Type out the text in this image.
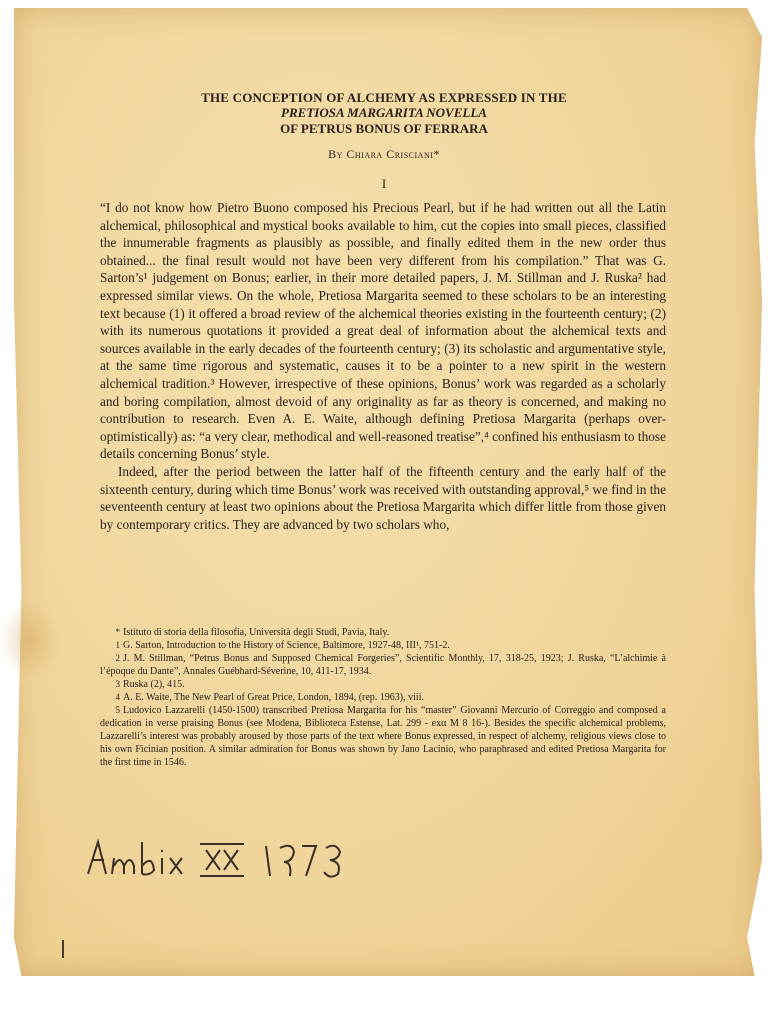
THE CONCEPTION OF ALCHEMY AS EXPRESSED IN THE
PRETIOSA MARGARITA NOVELLA
OF PETRUS BONUS OF FERRARA
By Chiara Crisciani*
I

“I do not know how Pietro Buono composed his Precious Pearl, but if he had written out all the Latin alchemical, philosophical and mystical books available to him, cut the copies into small pieces, classified the innumerable fragments as plausibly as possible, and finally edited them in the new order thus obtained... the final result would not have been very different from his compilation.” That was G. Sarton’s¹ judgement on Bonus; earlier, in their more detailed papers, J. M. Stillman and J. Ruska² had expressed similar views. On the whole, Pretiosa Margarita seemed to these scholars to be an interesting text because (1) it offered a broad review of the alchemical theories existing in the fourteenth century; (2) with its numerous quotations it provided a great deal of information about the alchemical texts and sources available in the early decades of the fourteenth century; (3) its scholastic and argumentative style, at the same time rigorous and systematic, causes it to be a pointer to a new spirit in the western alchemical tradition.³ However, irrespective of these opinions, Bonus’ work was regarded as a scholarly and boring compilation, almost devoid of any originality as far as theory is concerned, and making no contribution to research. Even A. E. Waite, although defining Pretiosa Margarita (perhaps over-optimistically) as: “a very clear, methodical and well-reasoned treatise”,⁴ confined his enthusiasm to those details concerning Bonus’ style.

Indeed, after the period between the latter half of the fifteenth century and the early half of the sixteenth century, during which time Bonus’ work was received with outstanding approval,⁵ we find in the seventeenth century at least two opinions about the Pretiosa Margarita which differ little from those given by contemporary critics. They are advanced by two scholars who,

* Istituto di storia della filosofia, Università degli Studi, Pavia, Italy.
1 G. Sarton, Introduction to the History of Science, Baltimore, 1927-48, III¹, 751-2.
2 J. M. Stillman, “Petrus Bonus and Supposed Chemical Forgeries”, Scientific Monthly, 17, 318-25, 1923; J. Ruska, “L’alchimie à l’époque du Dante”, Annales Guébhard-Séverine, 10, 411-17, 1934.
3 Ruska (2), 415.
4 A. E. Waite, The New Pearl of Great Price, London, 1894, (rep. 1963), viii.
5 Ludovico Lazzarelli (1450-1500) transcribed Pretiosa Margarita for his “master” Giovanni Mercurio of Correggio and composed a dedication in verse praising Bonus (see Modena, Biblioteca Estense, Lat. 299 - exα M 8 16-). Besides the specific alchemical problems, Lazzarelli’s interest was probably aroused by those parts of the text where Bonus expressed, in respect of alchemy, religious views close to his own Ficinian position. A similar admiration for Bonus was shown by Jano Lacinio, who paraphrased and edited Pretiosa Margarita for the first time in 1546.
